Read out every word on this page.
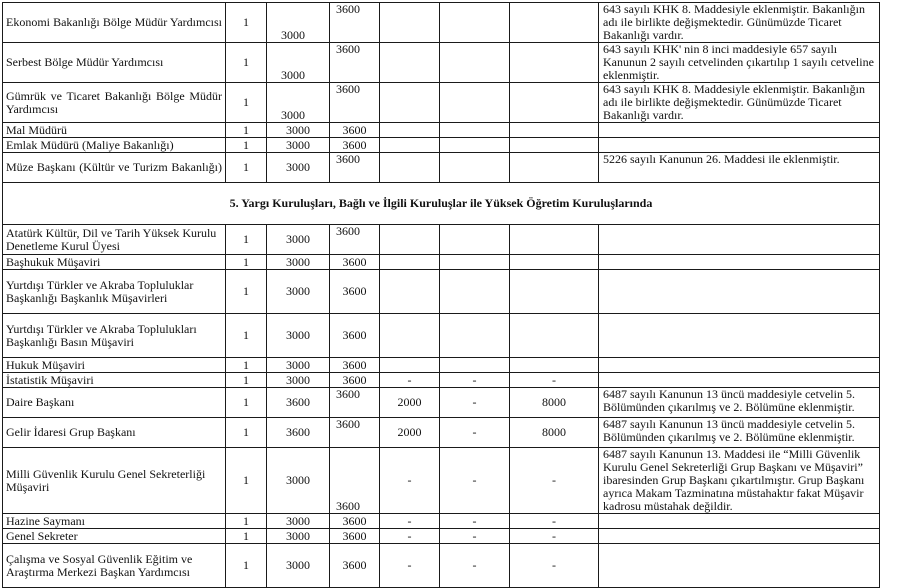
Ekonomi Bakanlığı Bölge Müdür Yardımcısı	1	3000	3600				643 sayılı KHK 8. Maddesiyle eklenmiştir. Bakanlığın adı ile birlikte değişmektedir. Günümüzde Ticaret Bakanlığı vardır.
Serbest Bölge Müdür Yardımcısı	1	3000	3600				643 sayılı KHK' nin 8 inci maddesiyle 657 sayılı Kanunun 2 sayılı cetvelinden çıkartılıp 1 sayılı cetveline eklenmiştir.
Gümrük ve Ticaret Bakanlığı Bölge Müdür Yardımcısı	1	3000	3600				643 sayılı KHK 8. Maddesiyle eklenmiştir. Bakanlığın adı ile birlikte değişmektedir. Günümüzde Ticaret Bakanlığı vardır.
Mal Müdürü	1	3000	3600				
Emlak Müdürü (Maliye Bakanlığı)	1	3000	3600				
Müze Başkanı (Kültür ve Turizm Bakanlığı)	1	3000	3600				5226 sayılı Kanunun 26. Maddesi ile eklenmiştir.
5. Yargı Kuruluşları, Bağlı ve İlgili Kuruluşlar ile Yüksek Öğretim Kuruluşlarında							
Atatürk Kültür, Dil ve Tarih Yüksek Kurulu Denetleme Kurul Üyesi	1	3000	3600				
Başhukuk Müşaviri	1	3000	3600				
Yurtdışı Türkler ve Akraba Topluluklar Başkanlığı Başkanlık Müşavirleri	1	3000	3600				
Yurtdışı Türkler ve Akraba Toplulukları Başkanlığı Basın Müşaviri	1	3000	3600				
Hukuk Müşaviri	1	3000	3600				
İstatistik Müşaviri	1	3000	3600	-	-	-	
Daire Başkanı	1	3600	3600	2000	-	8000	6487 sayılı Kanunun 13 üncü maddesiyle cetvelin 5. Bölümünden çıkarılmış ve 2. Bölümüne eklenmiştir.
Gelir İdaresi Grup Başkanı	1	3600	3600	2000	-	8000	6487 sayılı Kanunun 13 üncü maddesiyle cetvelin 5. Bölümünden çıkarılmış ve 2. Bölümüne eklenmiştir.
Milli Güvenlik Kurulu Genel Sekreterliği Müşaviri	1	3000	3600	-	-	-	6487 sayılı Kanunun 13. Maddesi ile “Milli Güvenlik Kurulu Genel Sekreterliği Grup Başkanı ve Müşaviri” ibaresinden Grup Başkanı çıkartılmıştır. Grup Başkanı ayrıca Makam Tazminatına müstahaktır fakat Müşavir kadrosu müstahak değildir.
Hazine Saymanı	1	3000	3600	-	-	-	
Genel Sekreter	1	3000	3600	-	-	-	
Çalışma ve Sosyal Güvenlik Eğitim ve Araştırma Merkezi Başkan Yardımcısı	1	3000	3600	-	-	-	
